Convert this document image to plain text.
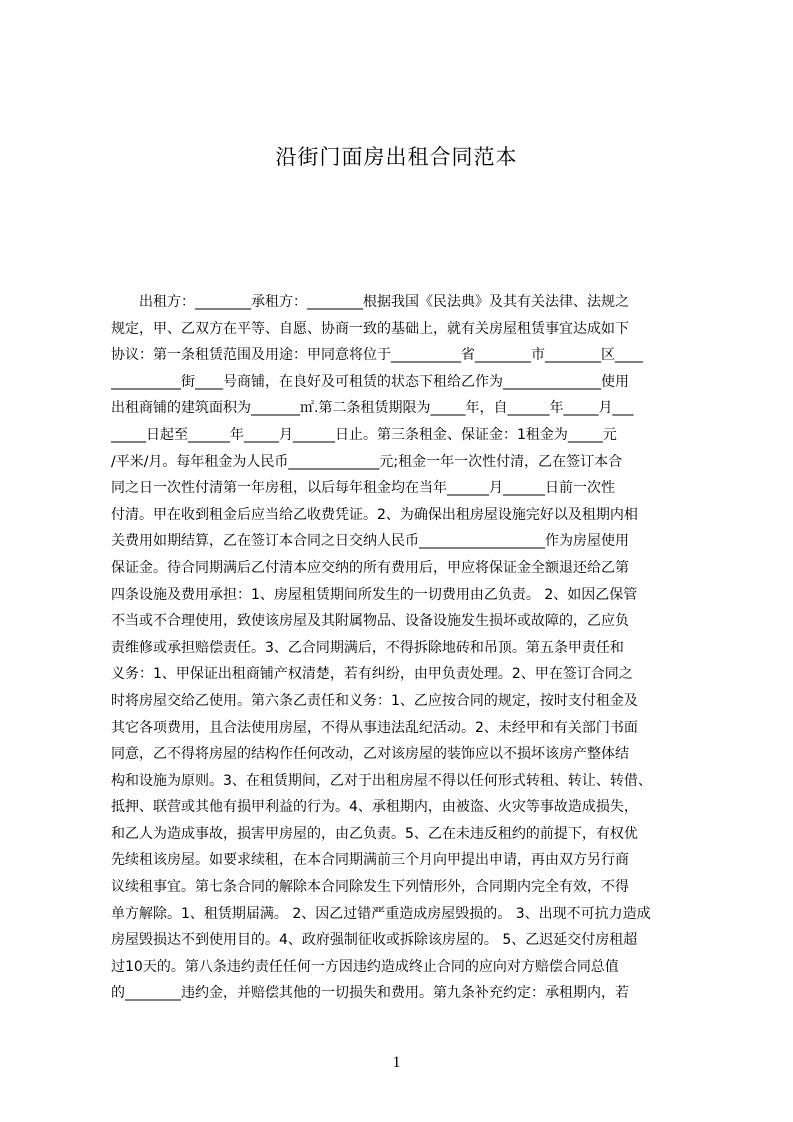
沿街门面房出租合同范本
　　出租方：________承租方：________根据我国《民法典》及其有关法律、法规之
规定，甲、乙双方在平等、自愿、协商一致的基础上，就有关房屋租赁事宜达成如下
协议：第一条租赁范围及用途：甲同意将位于__________省________市________区____
__________街____号商铺，在良好及可租赁的状态下租给乙作为______________使用
出租商铺的建筑面积为_______㎡.第二条租赁期限为_____年，自______年_____月___
_____日起至______年_____月______日止。第三条租金、保证金：1租金为_____元
/平米/月。每年租金为人民币_____________元;租金一年一次性付清，乙在签订本合
同之日一次性付清第一年房租，以后每年租金均在当年______月______日前一次性
付清。甲在收到租金后应当给乙收费凭证。2、为确保出租房屋设施完好以及租期内相
关费用如期结算，乙在签订本合同之日交纳人民币__________________作为房屋使用
保证金。待合同期满后乙付清本应交纳的所有费用后，甲应将保证金全额退还给乙第
四条设施及费用承担：1、房屋租赁期间所发生的一切费用由乙负责。 2、如因乙保管
不当或不合理使用，致使该房屋及其附属物品、设备设施发生损坏或故障的，乙应负
责维修或承担赔偿责任。3、乙合同期满后，不得拆除地砖和吊顶。第五条甲责任和
义务：1、甲保证出租商铺产权清楚，若有纠纷，由甲负责处理。2、甲在签订合同之
时将房屋交给乙使用。第六条乙责任和义务：1、乙应按合同的规定，按时支付租金及
其它各项费用，且合法使用房屋，不得从事违法乱纪活动。2、未经甲和有关部门书面
同意，乙不得将房屋的结构作任何改动，乙对该房屋的装饰应以不损坏该房产整体结
构和设施为原则。3、在租赁期间，乙对于出租房屋不得以任何形式转租、转让、转借、
抵押、联营或其他有损甲利益的行为。4、承租期内，由被盗、火灾等事故造成损失，
和乙人为造成事故，损害甲房屋的，由乙负责。5、乙在未违反租约的前提下，有权优
先续租该房屋。如要求续租，在本合同期满前三个月向甲提出申请，再由双方另行商
议续租事宜。第七条合同的解除本合同除发生下列情形外，合同期内完全有效，不得
单方解除。1、租赁期届满。 2、因乙过错严重造成房屋毁损的。 3、出现不可抗力造成
房屋毁损达不到使用目的。4、政府强制征收或拆除该房屋的。 5、乙迟延交付房租超
过10天的。第八条违约责任任何一方因违约造成终止合同的应向对方赔偿合同总值
的________违约金，并赔偿其他的一切损失和费用。第九条补充约定：承租期内，若
1
